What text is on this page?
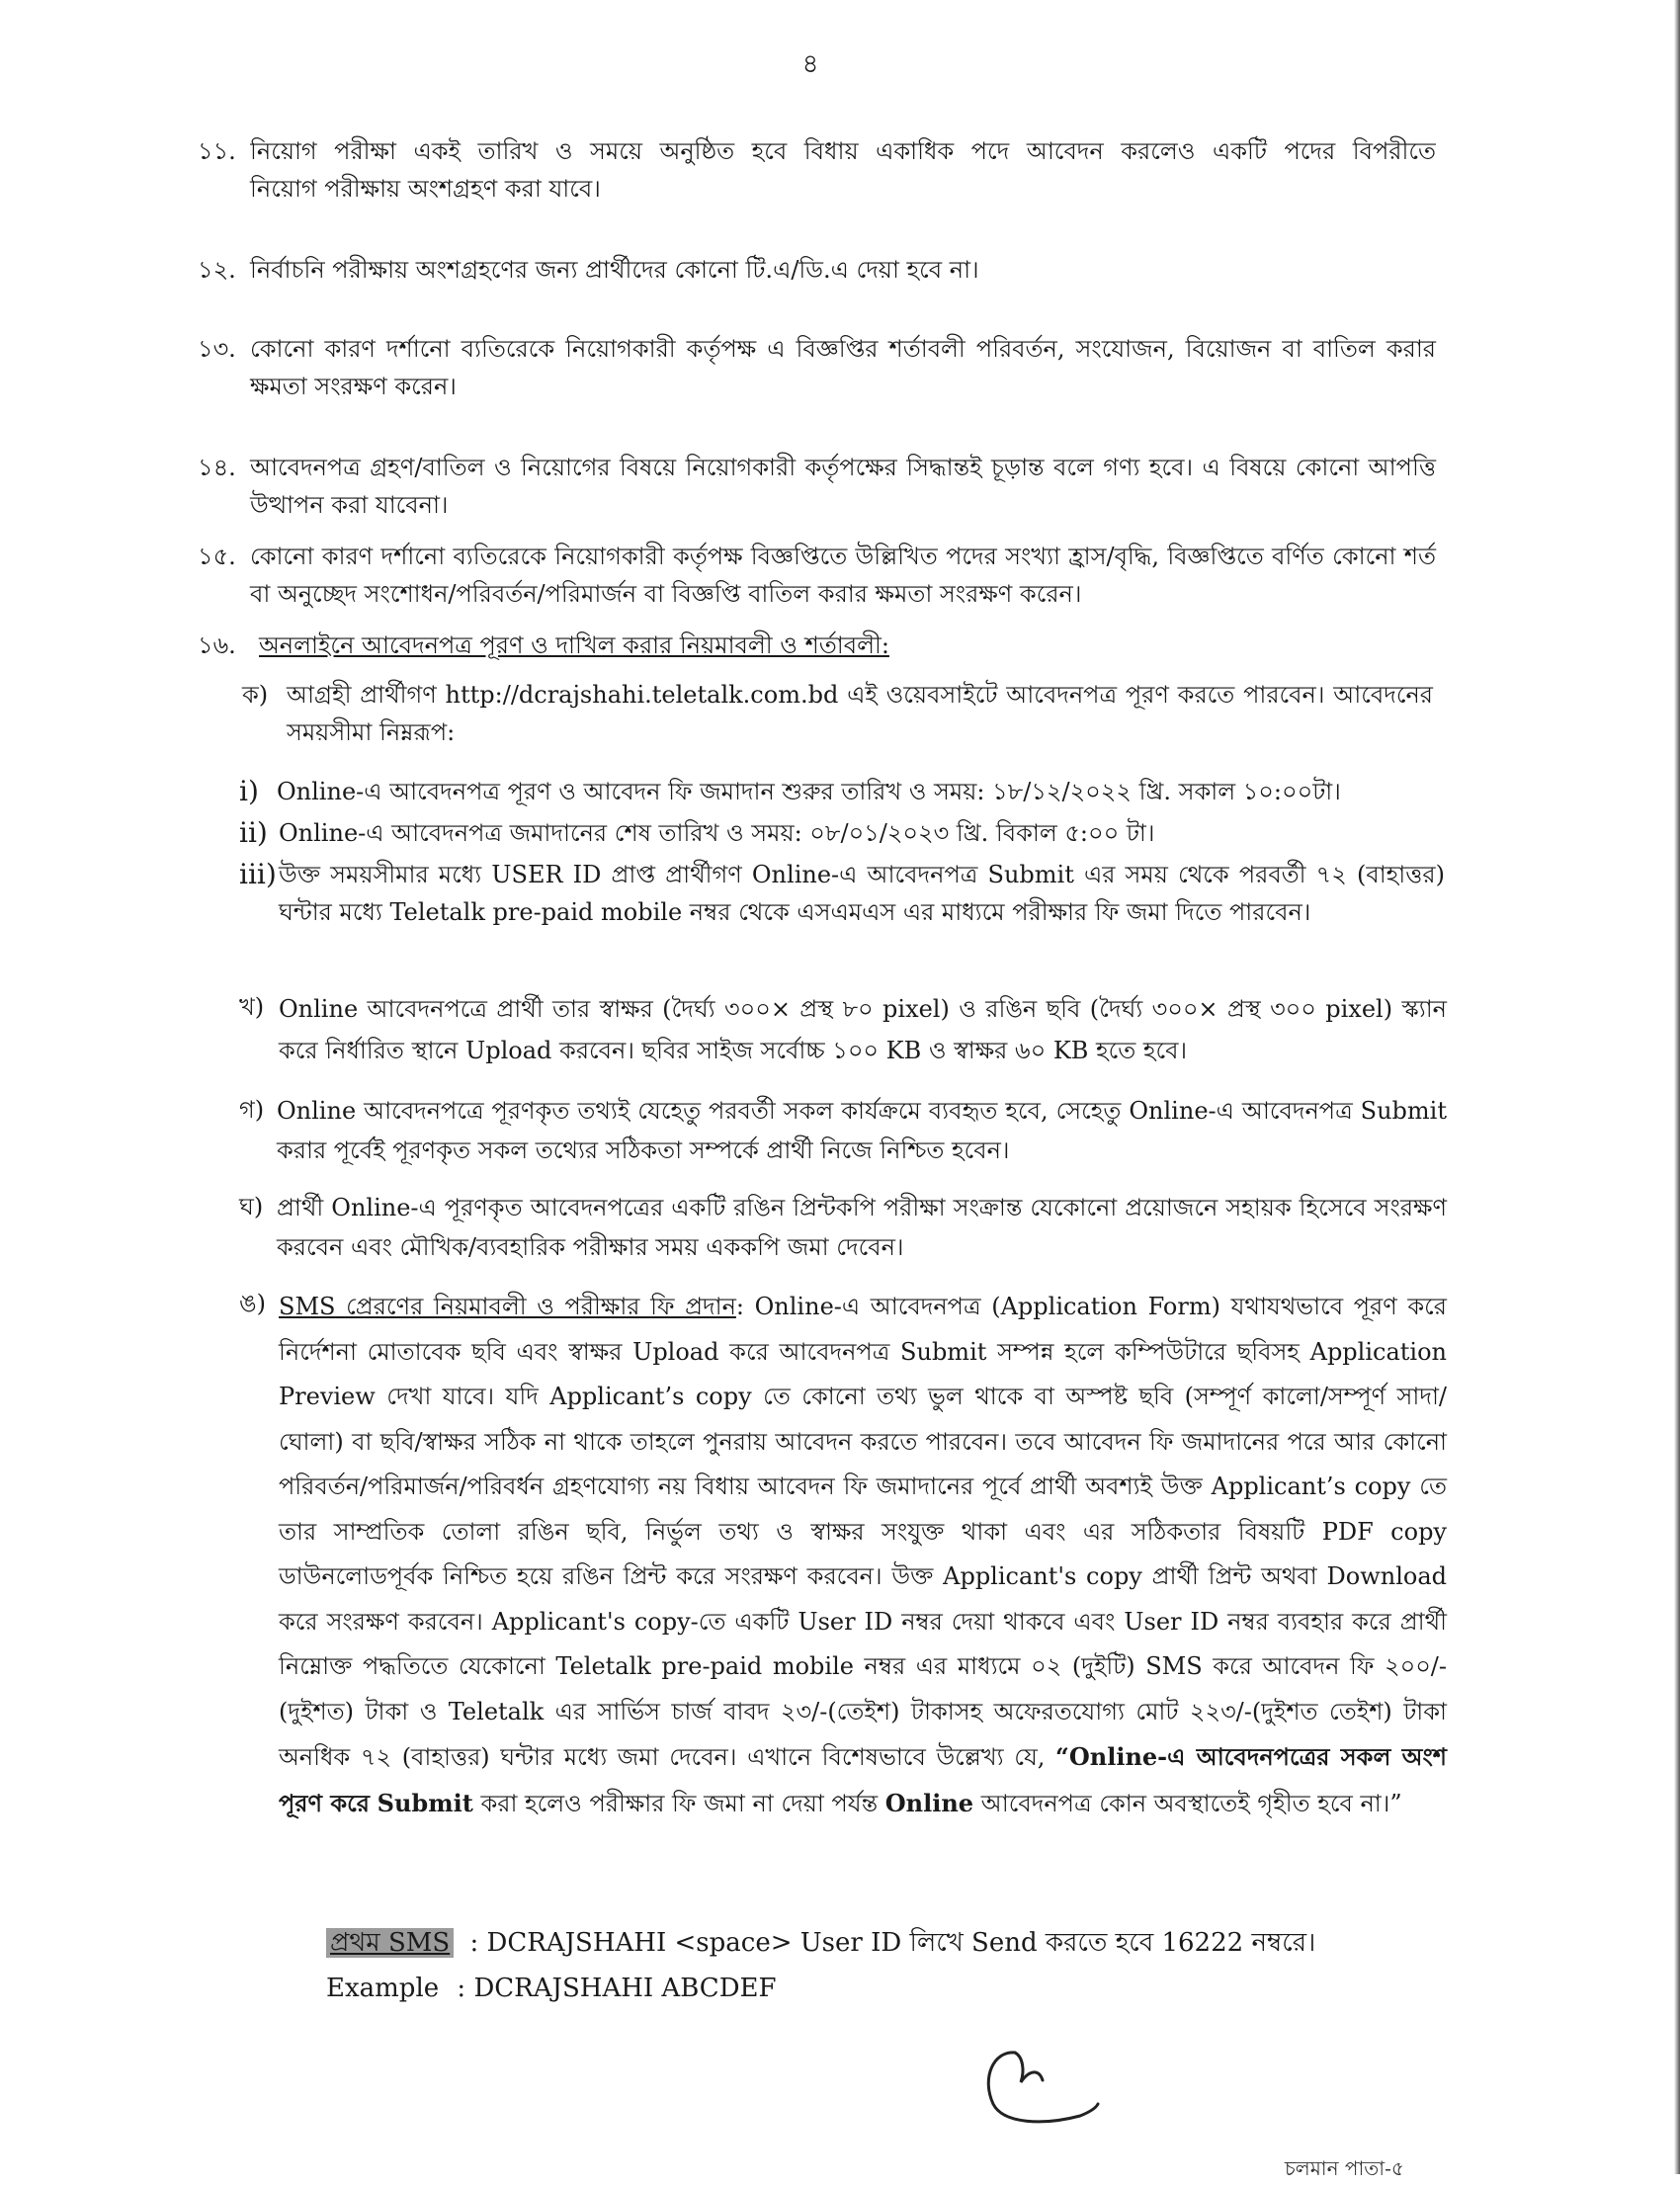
৪
১১. নিয়োগ পরীক্ষা একই তারিখ ও সময়ে অনুষ্ঠিত হবে বিধায় একাধিক পদে আবেদন করলেও একটি পদের বিপরীতে
নিয়োগ পরীক্ষায় অংশগ্রহণ করা যাবে।
১২. নির্বাচনি পরীক্ষায় অংশগ্রহণের জন্য প্রার্থীদের কোনো টি.এ/ডি.এ দেয়া হবে না।
১৩. কোনো কারণ দর্শানো ব্যতিরেকে নিয়োগকারী কর্তৃপক্ষ এ বিজ্ঞপ্তির শর্তাবলী পরিবর্তন, সংযোজন, বিয়োজন বা বাতিল করার ক্ষমতা সংরক্ষণ করেন।
১৪. আবেদনপত্র গ্রহণ/বাতিল ও নিয়োগের বিষয়ে নিয়োগকারী কর্তৃপক্ষের সিদ্ধান্তই চূড়ান্ত বলে গণ্য হবে। এ বিষয়ে কোনো আপত্তি উত্থাপন করা যাবেনা।
১৫. কোনো কারণ দর্শানো ব্যতিরেকে নিয়োগকারী কর্তৃপক্ষ বিজ্ঞপ্তিতে উল্লিখিত পদের সংখ্যা হ্রাস/বৃদ্ধি, বিজ্ঞপ্তিতে বর্ণিত কোনো শর্ত বা অনুচ্ছেদ সংশোধন/পরিবর্তন/পরিমার্জন বা বিজ্ঞপ্তি বাতিল করার ক্ষমতা সংরক্ষণ করেন।
১৬. অনলাইনে আবেদনপত্র পূরণ ও দাখিল করার নিয়মাবলী ও শর্তাবলী:
ক) আগ্রহী প্রার্থীগণ http://dcrajshahi.teletalk.com.bd এই ওয়েবসাইটে আবেদনপত্র পূরণ করতে পারবেন। আবেদনের সময়সীমা নিম্নরূপ:
i) Online-এ আবেদনপত্র পূরণ ও আবেদন ফি জমাদান শুরুর তারিখ ও সময়: ১৮/১২/২০২২ খ্রি. সকাল ১০:০০টা।
ii) Online-এ আবেদনপত্র জমাদানের শেষ তারিখ ও সময়: ০৮/০১/২০২৩ খ্রি. বিকাল ৫:০০ টা।
iii) উক্ত সময়সীমার মধ্যে USER ID প্রাপ্ত প্রার্থীগণ Online-এ আবেদনপত্র Submit এর সময় থেকে পরবর্তী ৭২ (বাহাত্তর) ঘন্টার মধ্যে Teletalk pre-paid mobile নম্বর থেকে এসএমএস এর মাধ্যমে পরীক্ষার ফি জমা দিতে পারবেন।
খ) Online আবেদনপত্রে প্রার্থী তার স্বাক্ষর (দৈর্ঘ্য ৩০০× প্রস্থ ৮০ pixel) ও রঙিন ছবি (দৈর্ঘ্য ৩০০× প্রস্থ ৩০০ pixel) স্ক্যান করে নির্ধারিত স্থানে Upload করবেন। ছবির সাইজ সর্বোচ্চ ১০০ KB ও স্বাক্ষর ৬০ KB হতে হবে।
গ) Online আবেদনপত্রে পূরণকৃত তথ্যই যেহেতু পরবর্তী সকল কার্যক্রমে ব্যবহৃত হবে, সেহেতু Online-এ আবেদনপত্র Submit করার পূর্বেই পূরণকৃত সকল তথ্যের সঠিকতা সম্পর্কে প্রার্থী নিজে নিশ্চিত হবেন।
ঘ) প্রার্থী Online-এ পূরণকৃত আবেদনপত্রের একটি রঙিন প্রিন্টকপি পরীক্ষা সংক্রান্ত যেকোনো প্রয়োজনে সহায়ক হিসেবে সংরক্ষণ করবেন এবং মৌখিক/ব্যবহারিক পরীক্ষার সময় এককপি জমা দেবেন।
ঙ) SMS প্রেরণের নিয়মাবলী ও পরীক্ষার ফি প্রদান: Online-এ আবেদনপত্র (Application Form) যথাযথভাবে পূরণ করে নির্দেশনা মোতাবেক ছবি এবং স্বাক্ষর Upload করে আবেদনপত্র Submit সম্পন্ন হলে কম্পিউটারে ছবিসহ Application Preview দেখা যাবে। যদি Applicant’s copy তে কোনো তথ্য ভুল থাকে বা অস্পষ্ট ছবি (সম্পূর্ণ কালো/সম্পূর্ণ সাদা/ঘোলা) বা ছবি/স্বাক্ষর সঠিক না থাকে তাহলে পুনরায় আবেদন করতে পারবেন। তবে আবেদন ফি জমাদানের পরে আর কোনো পরিবর্তন/পরিমার্জন/পরিবর্ধন গ্রহণযোগ্য নয় বিধায় আবেদন ফি জমাদানের পূর্বে প্রার্থী অবশ্যই উক্ত Applicant’s copy তে তার সাম্প্রতিক তোলা রঙিন ছবি, নির্ভুল তথ্য ও স্বাক্ষর সংযুক্ত থাকা এবং এর সঠিকতার বিষয়টি PDF copy ডাউনলোডপূর্বক নিশ্চিত হয়ে রঙিন প্রিন্ট করে সংরক্ষণ করবেন। উক্ত Applicant's copy প্রার্থী প্রিন্ট অথবা Download করে সংরক্ষণ করবেন। Applicant's copy-তে একটি User ID নম্বর দেয়া থাকবে এবং User ID নম্বর ব্যবহার করে প্রার্থী নিম্নোক্ত পদ্ধতিতে যেকোনো Teletalk pre-paid mobile নম্বর এর মাধ্যমে ০২ (দুইটি) SMS করে আবেদন ফি ২০০/-(দুইশত) টাকা ও Teletalk এর সার্ভিস চার্জ বাবদ ২৩/-(তেইশ) টাকাসহ অফেরতযোগ্য মোট ২২৩/-(দুইশত তেইশ) টাকা অনধিক ৭২ (বাহাত্তর) ঘন্টার মধ্যে জমা দেবেন। এখানে বিশেষভাবে উল্লেখ্য যে, “Online-এ আবেদনপত্রের সকল অংশ পূরণ করে Submit করা হলেও পরীক্ষার ফি জমা না দেয়া পর্যন্ত Online আবেদনপত্র কোন অবস্থাতেই গৃহীত হবে না।”
প্রথম SMS : DCRAJSHAHI <space> User ID লিখে Send করতে হবে 16222 নম্বরে।
Example : DCRAJSHAHI ABCDEF
চলমান পাতা-৫
